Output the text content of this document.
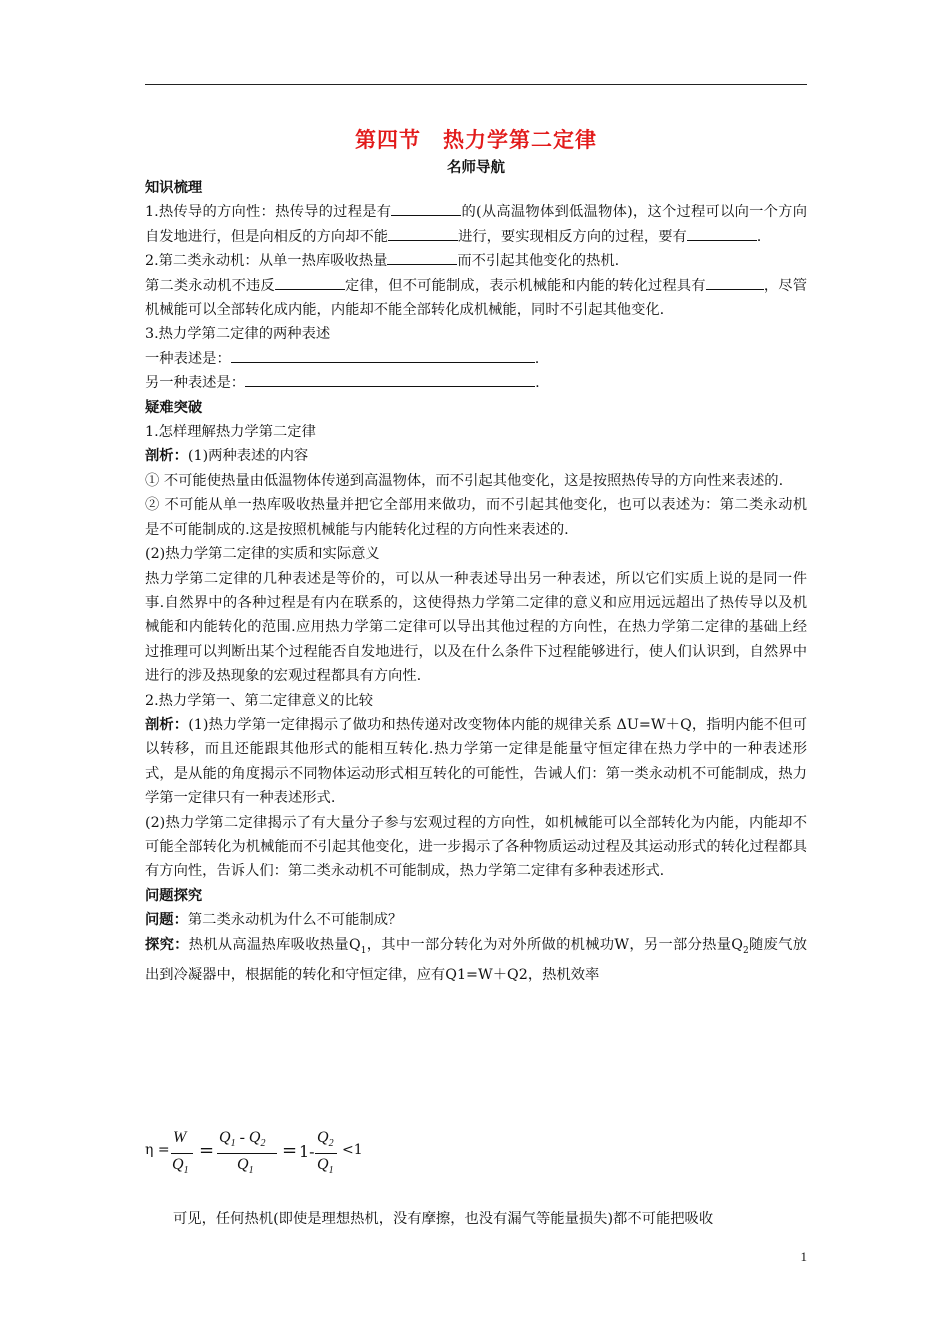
第四节　热力学第二定律
名师导航

知识梳理

1.热传导的方向性：热传导的过程是有	的(从高温物体到低温物体)，这个过程可以向一个方向自发地进行，但是向相反的方向却不能	进行，要实现相反方向的过程，要有	.

2.第二类永动机：从单一热库吸收热量	而不引起其他变化的热机.

第二类永动机不违反	定律，但不可能制成，表示机械能和内能的转化过程具有	，尽管机械能可以全部转化成内能，内能却不能全部转化成机械能，同时不引起其他变化.

3.热力学第二定律的两种表述

一种表述是：	.

另一种表述是：	.

疑难突破

1.怎样理解热力学第二定律

剖析：(1)两种表述的内容

① 不可能使热量由低温物体传递到高温物体，而不引起其他变化，这是按照热传导的方向性来表述的.

② 不可能从单一热库吸收热量并把它全部用来做功，而不引起其他变化，也可以表述为：第二类永动机是不可能制成的.这是按照机械能与内能转化过程的方向性来表述的.

(2)热力学第二定律的实质和实际意义

热力学第二定律的几种表述是等价的，可以从一种表述导出另一种表述，所以它们实质上说的是同一件事.自然界中的各种过程是有内在联系的，这使得热力学第二定律的意义和应用远远超出了热传导以及机械能和内能转化的范围.应用热力学第二定律可以导出其他过程的方向性，在热力学第二定律的基础上经过推理可以判断出某个过程能否自发地进行，以及在什么条件下过程能够进行，使人们认识到，自然界中进行的涉及热现象的宏观过程都具有方向性.

2.热力学第一、第二定律意义的比较

剖析：(1)热力学第一定律揭示了做功和热传递对改变物体内能的规律关系 ΔU=W＋Q，指明内能不但可以转移，而且还能跟其他形式的能相互转化.热力学第一定律是能量守恒定律在热力学中的一种表述形式，是从能的角度揭示不同物体运动形式相互转化的可能性，告诫人们：第一类永动机不可能制成，热力学第一定律只有一种表述形式.

(2)热力学第二定律揭示了有大量分子参与宏观过程的方向性，如机械能可以全部转化为内能，内能却不可能全部转化为机械能而不引起其他变化，进一步揭示了各种物质运动过程及其运动形式的转化过程都具有方向性，告诉人们：第二类永动机不可能制成，热力学第二定律有多种表述形式.

问题探究

问题：第二类永动机为什么不可能制成？

探究：热机从高温热库吸收热量$Q_1$，其中一部分转化为对外所做的机械功W，另一部分热量$Q_2$随废气放出到冷凝器中，根据能的转化和守恒定律，应有Q1=W＋Q2，热机效率

η =
W
$Q_1$
=
$Q_1 - Q_2$
$Q_1$
= 1-
$Q_2$
$Q_1$
<1

可见，任何热机(即使是理想热机，没有摩擦，也没有漏气等能量损失)都不可能把吸收

1
